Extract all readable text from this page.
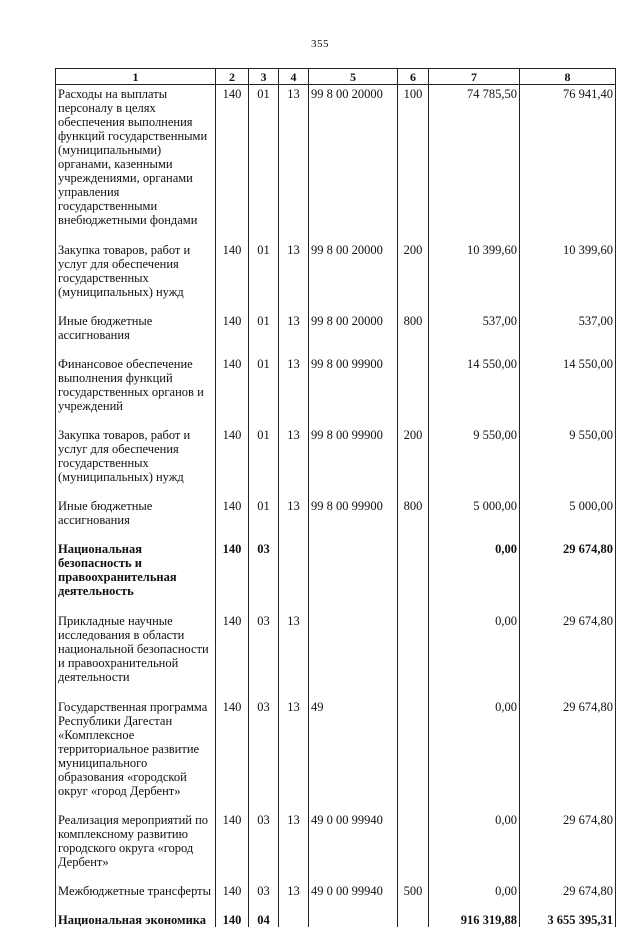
355
1	2	3	4	5	6	7	8
Расходы на выплаты персоналу в целях обеспечения выполнения функций государственными (муниципальными) органами, казенными учреждениями, органами управления государственными внебюджетными фондами	140	01	13	99 8 00 20000	100	74 785,50	76 941,40
Закупка товаров, работ и услуг для обеспечения государственных (муниципальных) нужд	140	01	13	99 8 00 20000	200	10 399,60	10 399,60
Иные бюджетные ассигнования	140	01	13	99 8 00 20000	800	537,00	537,00
Финансовое обеспечение выполнения функций государственных органов и учреждений	140	01	13	99 8 00 99900		14 550,00	14 550,00
Закупка товаров, работ и услуг для обеспечения государственных (муниципальных) нужд	140	01	13	99 8 00 99900	200	9 550,00	9 550,00
Иные бюджетные ассигнования	140	01	13	99 8 00 99900	800	5 000,00	5 000,00
Национальная безопасность и правоохранительная деятельность	140	03				0,00	29 674,80
Прикладные научные исследования в области национальной безопасности и правоохранительной деятельности	140	03	13			0,00	29 674,80
Государственная программа Республики Дагестан «Комплексное территориальное развитие муниципального образования «городской округ «город Дербент»	140	03	13	49		0,00	29 674,80
Реализация мероприятий по комплексному развитию городского округа «город Дербент»	140	03	13	49 0 00 99940		0,00	29 674,80
Межбюджетные трансферты	140	03	13	49 0 00 99940	500	0,00	29 674,80
Национальная экономика	140	04				916 319,88	3 655 395,31
